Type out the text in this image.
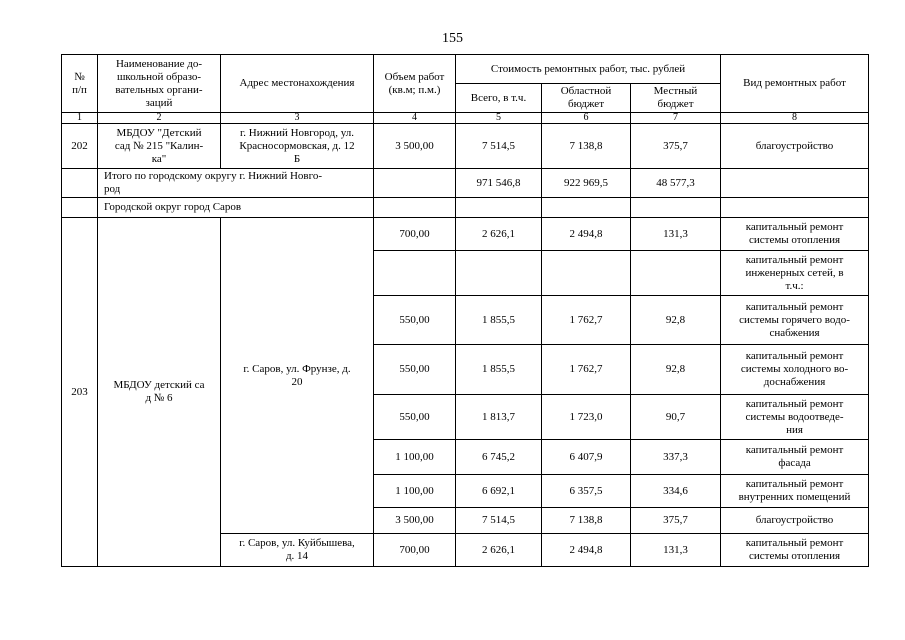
155
№
п/п	Наименование до-
школьной образо-
вательных органи-
заций	Адрес местонахождения	Объем работ
(кв.м; п.м.)	Стоимость ремонтных работ, тыс. рублей			Вид ремонтных работ
				Всего, в т.ч.	Областной
бюджет	Местный
бюджет	
1	2	3	4	5	6	7	8
202	МБДОУ "Детский
сад № 215 "Калин-
ка"	г. Нижний Новгород, ул.
Красносормовская, д. 12
Б	3 500,00	7 514,5	7 138,8	375,7	благоустройство
	Итого по городскому округу г. Нижний Новго-
род			971 546,8	922 969,5	48 577,3	
	Городской округ город Саров						
203	МБДОУ детский са
д № 6	г. Саров, ул. Фрунзе, д.
20	700,00	2 626,1	2 494,8	131,3	капитальный ремонт
системы отопления
							капитальный ремонт
инженерных сетей, в
т.ч.:
			550,00	1 855,5	1 762,7	92,8	капитальный ремонт
системы горячего водо-
снабжения
			550,00	1 855,5	1 762,7	92,8	капитальный ремонт
системы холодного во-
доснабжения
			550,00	1 813,7	1 723,0	90,7	капитальный ремонт
системы водоотведе-
ния
			1 100,00	6 745,2	6 407,9	337,3	капитальный ремонт
фасада
			1 100,00	6 692,1	6 357,5	334,6	капитальный ремонт
внутренних помещений
			3 500,00	7 514,5	7 138,8	375,7	благоустройство
		г. Саров, ул. Куйбышева,
д. 14	700,00	2 626,1	2 494,8	131,3	капитальный ремонт
системы отопления
